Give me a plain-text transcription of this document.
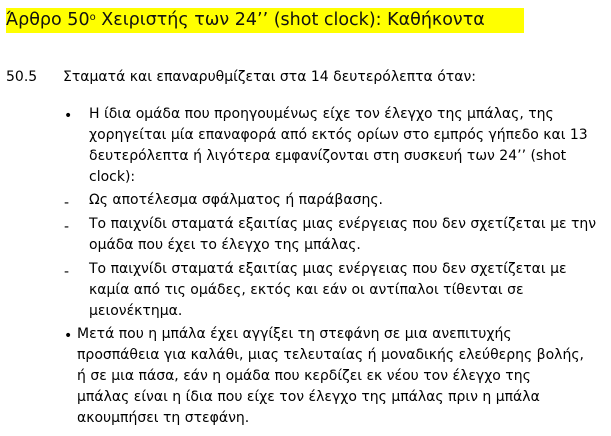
Άρθρο $50^o$ Χειριστής των 24’’ (shot clock): Καθήκοντα
50.5 Σταματά και επαναρυθμίζεται στα 14 δευτερόλεπτα όταν:
• Η ίδια ομάδα που προηγουμένως είχε τον έλεγχο της μπάλας, της
χορηγείται μία επαναφορά από εκτός ορίων στο εμπρός γήπεδο και 13
δευτερόλεπτα ή λιγότερα εμφανίζονται στη συσκευή των 24’’ (shot
clock):
- Ως αποτέλεσμα σφάλματος ή παράβασης.
- Το παιχνίδι σταματά εξαιτίας μιας ενέργειας που δεν σχετίζεται με την
ομάδα που έχει το έλεγχο της μπάλας.
- Το παιχνίδι σταματά εξαιτίας μιας ενέργειας που δεν σχετίζεται με
καμία από τις ομάδες, εκτός και εάν οι αντίπαλοι τίθενται σε
μειονέκτημα.
• Μετά που η μπάλα έχει αγγίξει τη στεφάνη σε μια ανεπιτυχής
προσπάθεια για καλάθι, μιας τελευταίας ή μοναδικής ελεύθερης βολής,
ή σε μια πάσα, εάν η ομάδα που κερδίζει εκ νέου τον έλεγχο της
μπάλας είναι η ίδια που είχε τον έλεγχο της μπάλας πριν η μπάλα
ακουμπήσει τη στεφάνη.
